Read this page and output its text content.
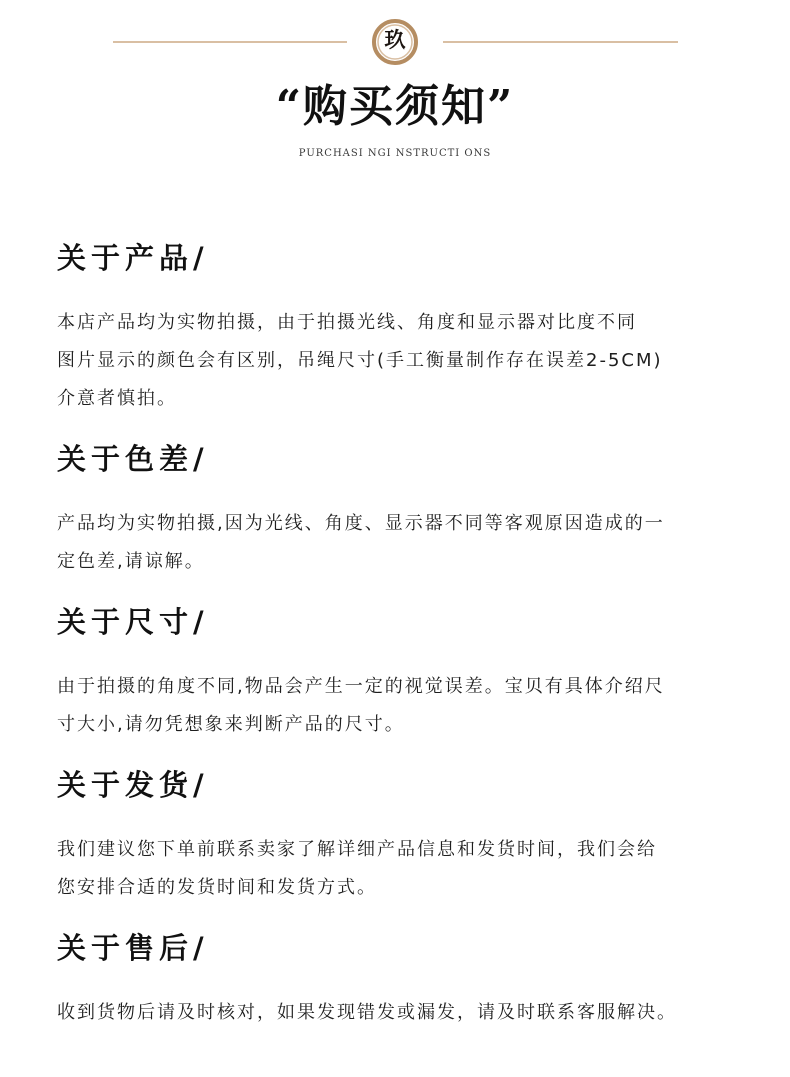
玖
“购买须知”
PURCHASI NGI NSTRUCTI ONS
关于产品/
本店产品均为实物拍摄，由于拍摄光线、角度和显示器对比度不同
图片显示的颜色会有区别，吊绳尺寸(手工衡量制作存在误差2-5CM)
介意者慎拍。
关于色差/
产品均为实物拍摄,因为光线、角度、显示器不同等客观原因造成的一
定色差,请谅解。
关于尺寸/
由于拍摄的角度不同,物品会产生一定的视觉误差。宝贝有具体介绍尺
寸大小,请勿凭想象来判断产品的尺寸。
关于发货/
我们建议您下单前联系卖家了解详细产品信息和发货时间，我们会给
您安排合适的发货时间和发货方式。
关于售后/
收到货物后请及时核对，如果发现错发或漏发，请及时联系客服解决。
